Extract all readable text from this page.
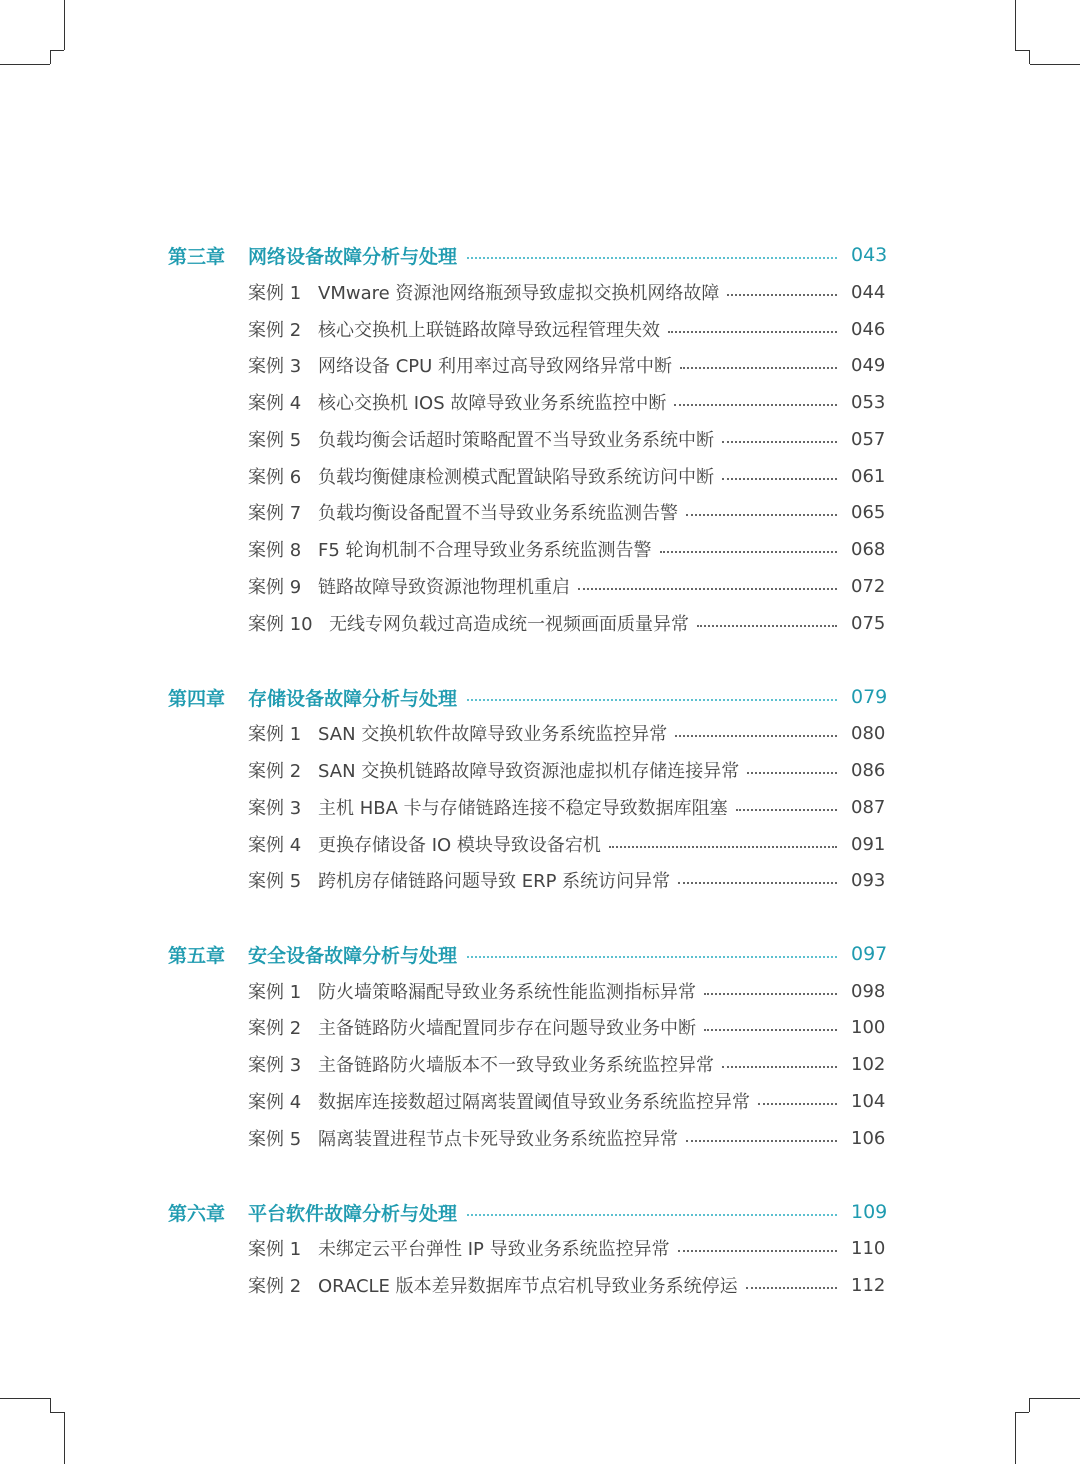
第三章	网络设备故障分析与处理	043
案例 1 VMware 资源池网络瓶颈导致虚拟交换机网络故障	044
案例 2 核心交换机上联链路故障导致远程管理失效	046
案例 3 网络设备 CPU 利用率过高导致网络异常中断	049
案例 4 核心交换机 IOS 故障导致业务系统监控中断	053
案例 5 负载均衡会话超时策略配置不当导致业务系统中断	057
案例 6 负载均衡健康检测模式配置缺陷导致系统访问中断	061
案例 7 负载均衡设备配置不当导致业务系统监测告警	065
案例 8 F5 轮询机制不合理导致业务系统监测告警	068
案例 9 链路故障导致资源池物理机重启	072
案例 10 无线专网负载过高造成统一视频画面质量异常	075
第四章	存储设备故障分析与处理	079
案例 1 SAN 交换机软件故障导致业务系统监控异常	080
案例 2 SAN 交换机链路故障导致资源池虚拟机存储连接异常	086
案例 3 主机 HBA 卡与存储链路连接不稳定导致数据库阻塞	087
案例 4 更换存储设备 IO 模块导致设备宕机	091
案例 5 跨机房存储链路问题导致 ERP 系统访问异常	093
第五章	安全设备故障分析与处理	097
案例 1 防火墙策略漏配导致业务系统性能监测指标异常	098
案例 2 主备链路防火墙配置同步存在问题导致业务中断	100
案例 3 主备链路防火墙版本不一致导致业务系统监控异常	102
案例 4 数据库连接数超过隔离装置阈值导致业务系统监控异常	104
案例 5 隔离装置进程节点卡死导致业务系统监控异常	106
第六章	平台软件故障分析与处理	109
案例 1 未绑定云平台弹性 IP 导致业务系统监控异常	110
案例 2 ORACLE 版本差异数据库节点宕机导致业务系统停运	112
